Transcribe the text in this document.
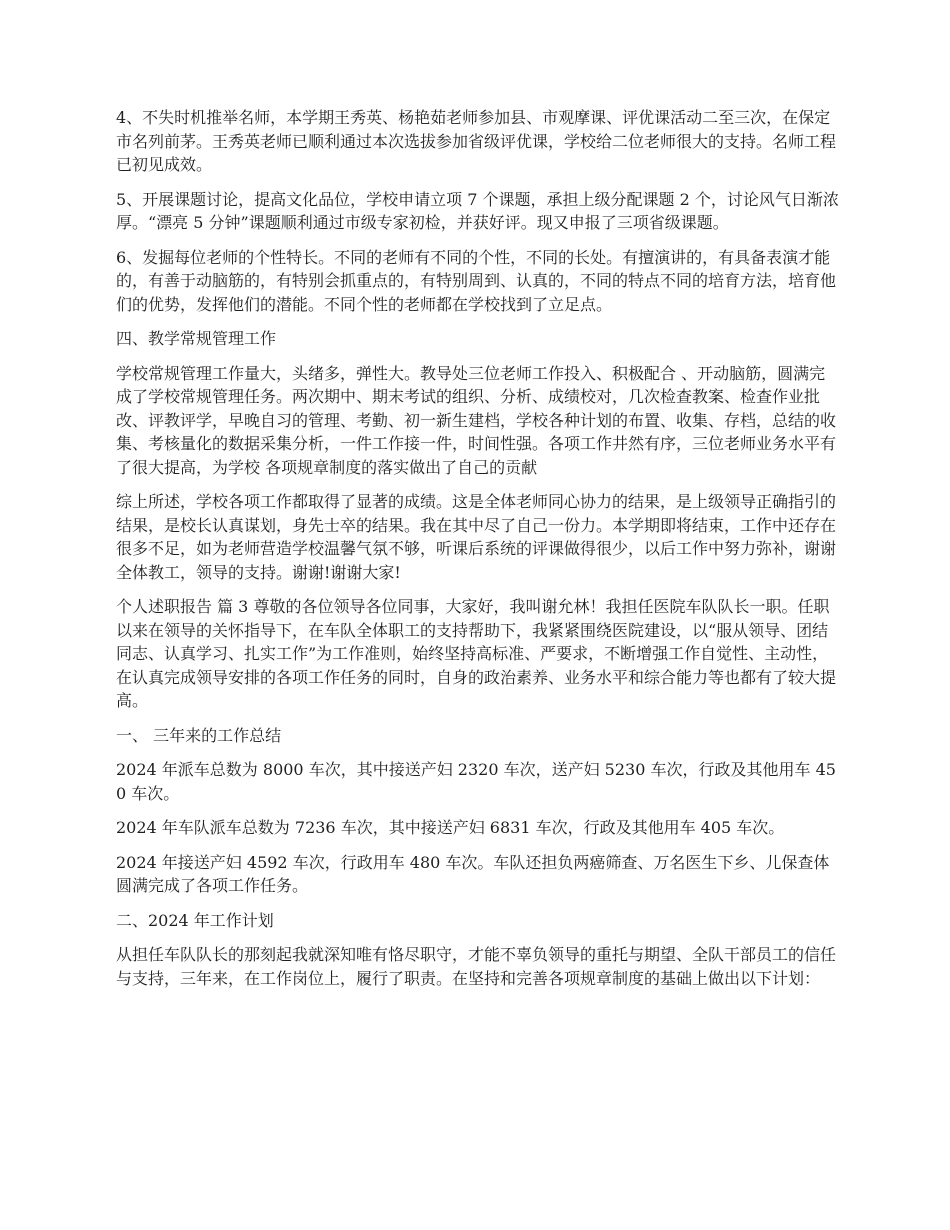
4、不失时机推举名师，本学期王秀英、杨艳茹老师参加县、市观摩课、评优课活动二至三次，在保定市名列前茅。王秀英老师已顺利通过本次选拔参加省级评优课，学校给二位老师很大的支持。名师工程已初见成效。

5、开展课题讨论，提高文化品位，学校申请立项 7 个课题，承担上级分配课题 2 个，讨论风气日渐浓厚。“漂亮 5 分钟”课题顺利通过市级专家初检，并获好评。现又申报了三项省级课题。

6、发掘每位老师的个性特长。不同的老师有不同的个性，不同的长处。有擅演讲的，有具备表演才能的，有善于动脑筋的，有特别会抓重点的，有特别周到、认真的，不同的特点不同的培育方法，培育他们的优势，发挥他们的潜能。不同个性的老师都在学校找到了立足点。

四、教学常规管理工作

学校常规管理工作量大，头绪多，弹性大。教导处三位老师工作投入、积极配合 、开动脑筋，圆满完成了学校常规管理任务。两次期中、期末考试的组织、分析、成绩校对，几次检查教案、检查作业批改、评教评学，早晚自习的管理、考勤、初一新生建档，学校各种计划的布置、收集、存档，总结的收集、考核量化的数据采集分析，一件工作接一件，时间性强。各项工作井然有序，三位老师业务水平有了很大提高，为学校 各项规章制度的落实做出了自己的贡献

综上所述，学校各项工作都取得了显著的成绩。这是全体老师同心协力的结果，是上级领导正确指引的结果，是校长认真谋划，身先士卒的结果。我在其中尽了自己一份力。本学期即将结束，工作中还存在很多不足，如为老师营造学校温馨气氛不够，听课后系统的评课做得很少，以后工作中努力弥补，谢谢全体教工，领导的支持。谢谢!谢谢大家!

个人述职报告 篇 3 尊敬的各位领导各位同事，大家好，我叫谢允林！我担任医院车队队长一职。任职以来在领导的关怀指导下，在车队全体职工的支持帮助下，我紧紧围绕医院建设，以“服从领导、团结同志、认真学习、扎实工作”为工作准则，始终坚持高标准、严要求，不断增强工作自觉性、主动性，在认真完成领导安排的各项工作任务的同时，自身的政治素养、业务水平和综合能力等也都有了较大提高。

一、 三年来的工作总结

2024 年派车总数为 8000 车次，其中接送产妇 2320 车次，送产妇 5230 车次，行政及其他用车 450 车次。

2024 年车队派车总数为 7236 车次，其中接送产妇 6831 车次，行政及其他用车 405 车次。

2024 年接送产妇 4592 车次，行政用车 480 车次。车队还担负两癌筛查、万名医生下乡、儿保查体圆满完成了各项工作任务。

二、2024 年工作计划

从担任车队队长的那刻起我就深知唯有恪尽职守，才能不辜负领导的重托与期望、全队干部员工的信任与支持，三年来，在工作岗位上，履行了职责。在坚持和完善各项规章制度的基础上做出以下计划：
